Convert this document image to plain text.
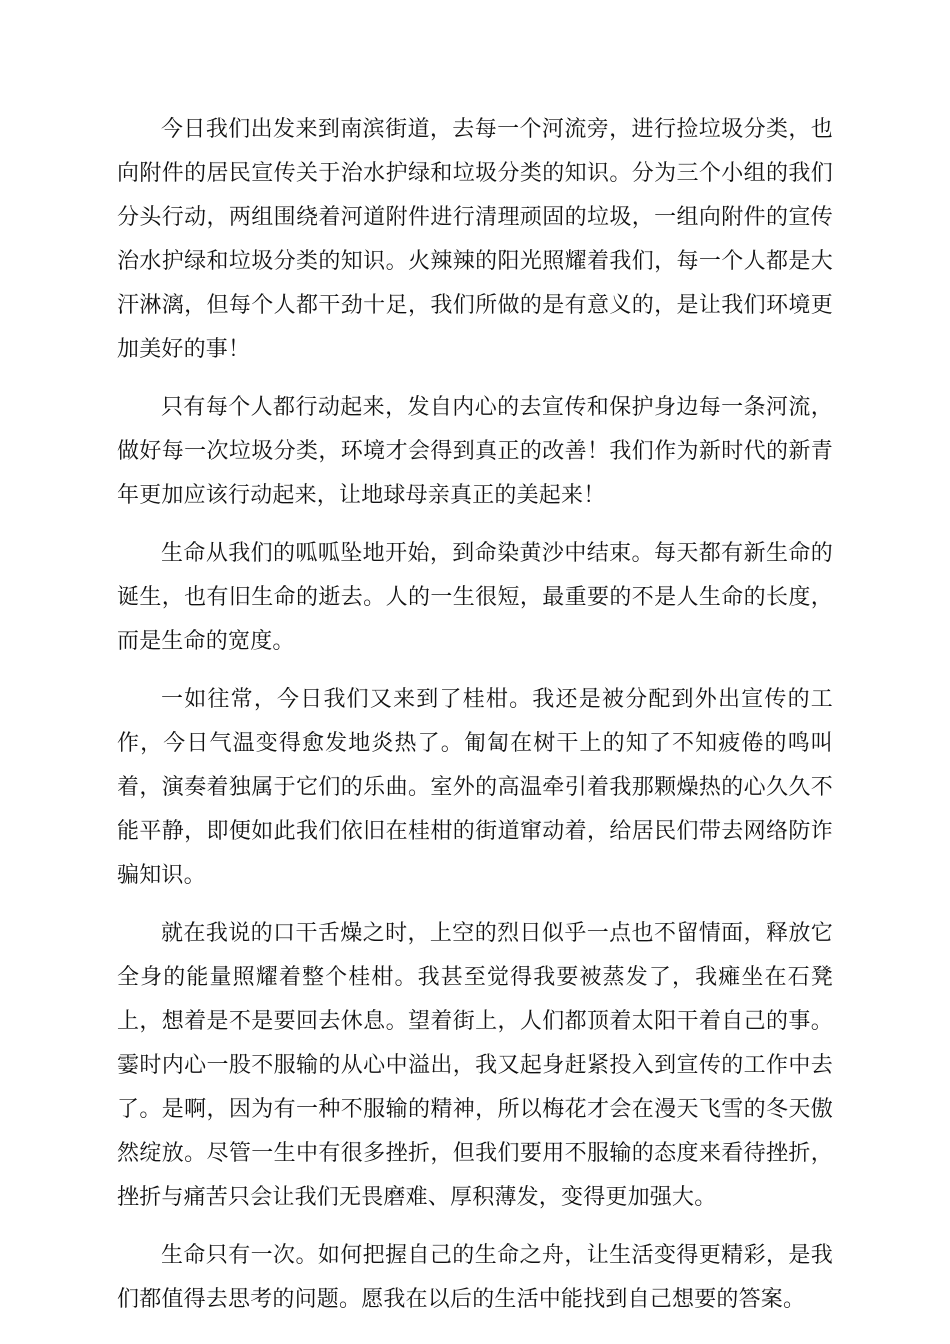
今日我们出发来到南滨街道，去每一个河流旁，进行捡垃圾分类，也向附件的居民宣传关于治水护绿和垃圾分类的知识。分为三个小组的我们分头行动，两组围绕着河道附件进行清理顽固的垃圾，一组向附件的宣传治水护绿和垃圾分类的知识。火辣辣的阳光照耀着我们，每一个人都是大汗淋漓，但每个人都干劲十足，我们所做的是有意义的，是让我们环境更加美好的事！

只有每个人都行动起来，发自内心的去宣传和保护身边每一条河流，做好每一次垃圾分类，环境才会得到真正的改善！我们作为新时代的新青年更加应该行动起来，让地球母亲真正的美起来！

生命从我们的呱呱坠地开始，到命染黄沙中结束。每天都有新生命的诞生，也有旧生命的逝去。人的一生很短，最重要的不是人生命的长度，而是生命的宽度。

一如往常，今日我们又来到了桂柑。我还是被分配到外出宣传的工作，今日气温变得愈发地炎热了。匍匐在树干上的知了不知疲倦的鸣叫着，演奏着独属于它们的乐曲。室外的高温牵引着我那颗燥热的心久久不能平静，即便如此我们依旧在桂柑的街道窜动着，给居民们带去网络防诈骗知识。

就在我说的口干舌燥之时，上空的烈日似乎一点也不留情面，释放它全身的能量照耀着整个桂柑。我甚至觉得我要被蒸发了，我瘫坐在石凳上，想着是不是要回去休息。望着街上，人们都顶着太阳干着自己的事。霎时内心一股不服输的从心中溢出，我又起身赶紧投入到宣传的工作中去了。是啊，因为有一种不服输的精神，所以梅花才会在漫天飞雪的冬天傲然绽放。尽管一生中有很多挫折，但我们要用不服输的态度来看待挫折，挫折与痛苦只会让我们无畏磨难、厚积薄发，变得更加强大。

生命只有一次。如何把握自己的生命之舟，让生活变得更精彩，是我们都值得去思考的问题。愿我在以后的生活中能找到自己想要的答案。
